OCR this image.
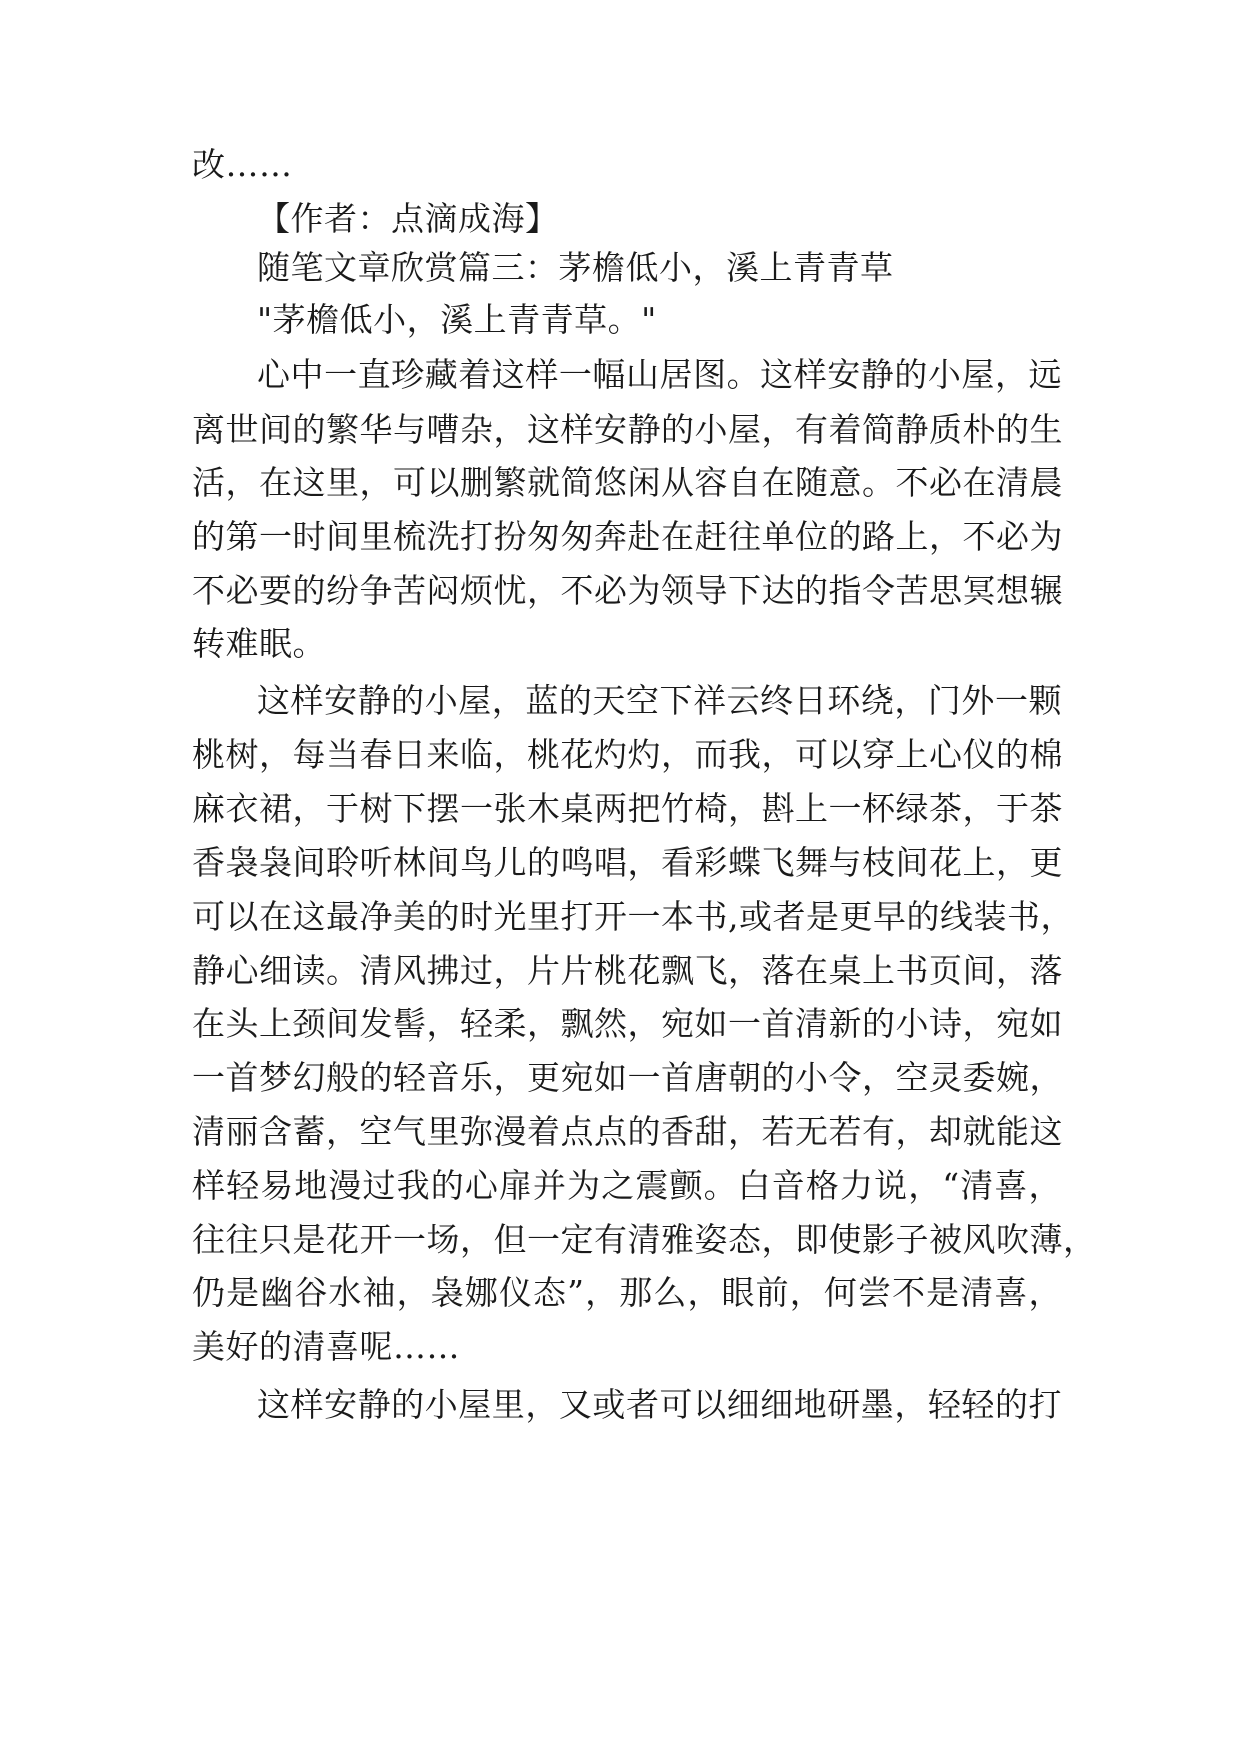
改……
【作者：点滴成海】
随笔文章欣赏篇三：茅檐低小，溪上青青草
"茅檐低小，溪上青青草。"
心中一直珍藏着这样一幅山居图。这样安静的小屋，远
离世间的繁华与嘈杂，这样安静的小屋，有着简静质朴的生
活，在这里，可以删繁就简悠闲从容自在随意。不必在清晨
的第一时间里梳洗打扮匆匆奔赴在赶往单位的路上，不必为
不必要的纷争苦闷烦忧，不必为领导下达的指令苦思冥想辗
转难眠。
这样安静的小屋，蓝的天空下祥云终日环绕，门外一颗
桃树，每当春日来临，桃花灼灼，而我，可以穿上心仪的棉
麻衣裙，于树下摆一张木桌两把竹椅，斟上一杯绿茶，于茶
香袅袅间聆听林间鸟儿的鸣唱，看彩蝶飞舞与枝间花上，更
可以在这最净美的时光里打开一本书,或者是更早的线装书，
静心细读。清风拂过，片片桃花飘飞，落在桌上书页间，落
在头上颈间发髻，轻柔，飘然，宛如一首清新的小诗，宛如
一首梦幻般的轻音乐，更宛如一首唐朝的小令，空灵委婉，
清丽含蓄，空气里弥漫着点点的香甜，若无若有，却就能这
样轻易地漫过我的心扉并为之震颤。白音格力说，“清喜，
往往只是花开一场，但一定有清雅姿态，即使影子被风吹薄，
仍是幽谷水袖，袅娜仪态”，那么，眼前，何尝不是清喜，
美好的清喜呢……
这样安静的小屋里，又或者可以细细地研墨，轻轻的打
